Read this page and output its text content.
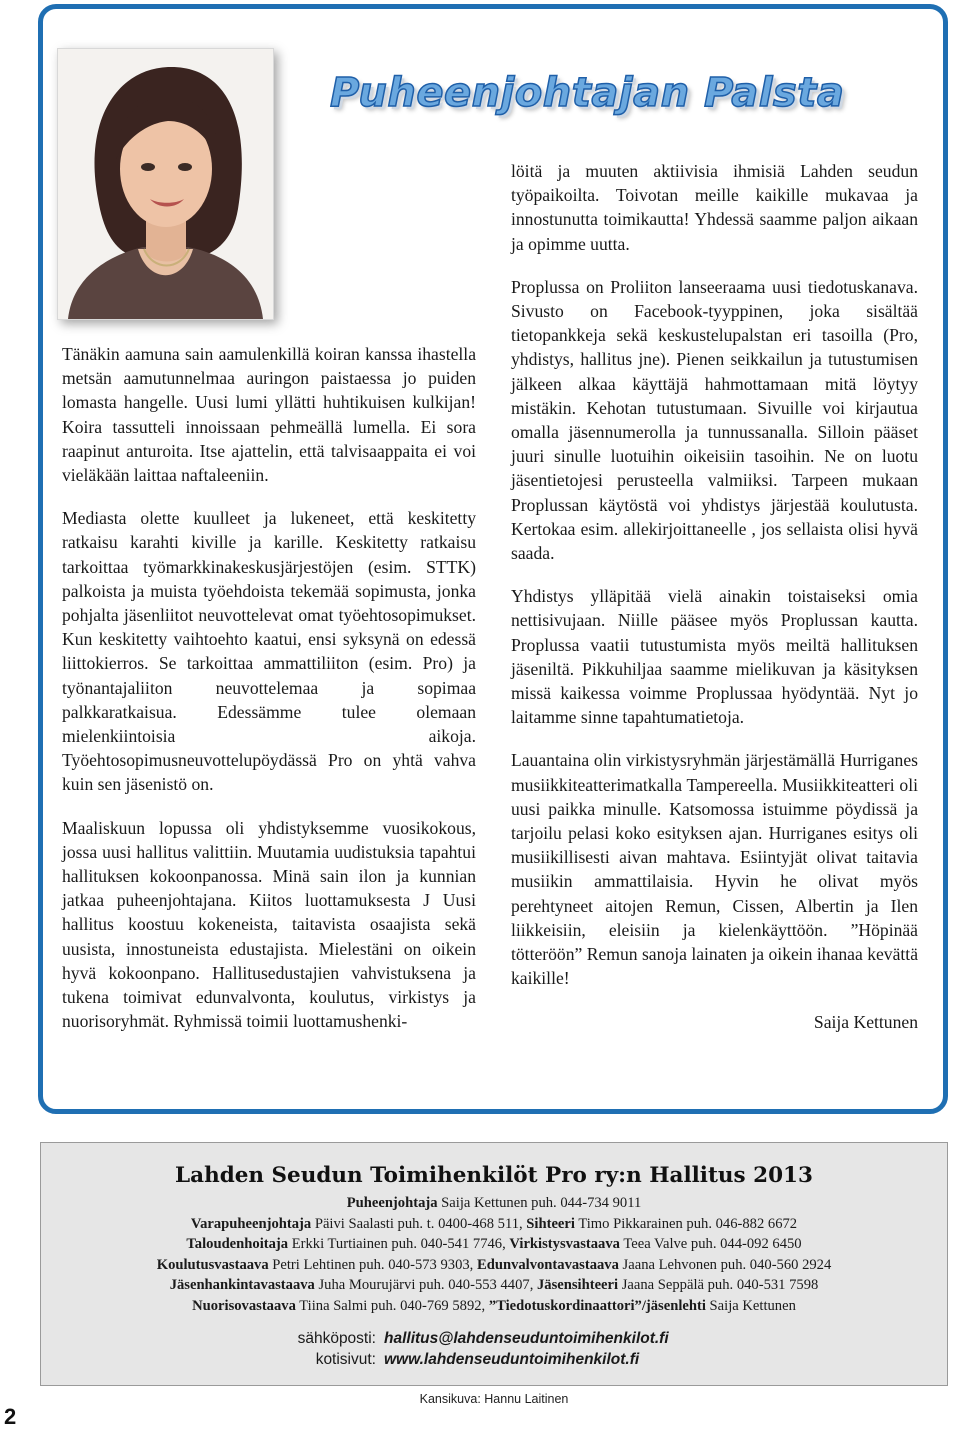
Puheenjohtajan Palsta

Tänäkin aamuna sain aamulenkillä koiran kanssa ihastella metsän aamutunnelmaa auringon paistaessa jo puiden lomasta hangelle. Uusi lumi yllätti huhtikuisen kulkijan! Koira tassutteli innoissaan pehmeällä lumella. Ei sora raapinut anturoita. Itse ajattelin, että talvisaappaita ei voi vieläkään laittaa naftaleeniin.

Mediasta olette kuulleet ja lukeneet, että keskitetty ratkaisu karahti kiville ja karille. Keskitetty ratkaisu tarkoittaa työmarkkinakeskusjärjestöjen (esim. STTK) palkoista ja muista työehdoista tekemää sopimusta, jonka pohjalta jäsenliitot neuvottelevat omat työehtosopimukset. Kun keskitetty vaihtoehto kaatui, ensi syksynä on edessä liittokierros. Se tarkoittaa ammattiliiton (esim. Pro) ja työnantajaliiton neuvottelemaa ja sopimaa palkkaratkaisua. Edessämme tulee olemaan mielenkiintoisia aikoja. Työehtosopimusneuvottelupöydässä Pro on yhtä vahva kuin sen jäsenistö on.

Maaliskuun lopussa oli yhdistyksemme vuosikokous, jossa uusi hallitus valittiin. Muutamia uudistuksia tapahtui hallituksen kokoonpanossa. Minä sain ilon ja kunnian jatkaa puheenjohtajana. Kiitos luottamuksesta J Uusi hallitus koostuu kokeneista, taitavista osaajista sekä uusista, innostuneista edustajista. Mielestäni on oikein hyvä kokoonpano. Hallitusedustajien vahvistuksena ja tukena toimivat edunvalvonta, koulutus, virkistys ja nuorisoryhmät. Ryhmissä toimii luottamushenki-

löitä ja muuten aktiivisia ihmisiä Lahden seudun työpaikoilta. Toivotan meille kaikille mukavaa ja innostunutta toimikautta! Yhdessä saamme paljon aikaan ja opimme uutta.

Proplussa on Proliiton lanseeraama uusi tiedotuskanava. Sivusto on Facebook-tyyppinen, joka sisältää tietopankkeja sekä keskustelupalstan eri tasoilla (Pro, yhdistys, hallitus jne). Pienen seikkailun ja tutustumisen jälkeen alkaa käyttäjä hahmottamaan mitä löytyy mistäkin. Kehotan tutustumaan. Sivuille voi kirjautua omalla jäsennumerolla ja tunnussanalla. Silloin pääset juuri sinulle luotuihin oikeisiin tasoihin. Ne on luotu jäsentietojesi perusteella valmiiksi. Tarpeen mukaan Proplussan käytöstä voi yhdistys järjestää koulutusta. Kertokaa esim. allekirjoittaneelle , jos sellaista olisi hyvä saada.

Yhdistys ylläpitää vielä ainakin toistaiseksi omia nettisivujaan. Niille pääsee myös Proplussan kautta. Proplussa vaatii tutustumista myös meiltä hallituksen jäseniltä. Pikkuhiljaa saamme mielikuvan ja käsityksen missä kaikessa voimme Proplussaa hyödyntää. Nyt jo laitamme sinne tapahtumatietoja.

Lauantaina olin virkistysryhmän järjestämällä Hurriganes musiikkiteatterimatkalla Tampereella. Musiikkiteatteri oli uusi paikka minulle. Katsomossa istuimme pöydissä ja tarjoilu pelasi koko esityksen ajan. Hurriganes esitys oli musiikillisesti aivan mahtava. Esiintyjät olivat taitavia musiikin ammattilaisia. Hyvin he olivat myös perehtyneet aitojen Remun, Cissen, Albertin ja Ilen liikkeisiin, eleisiin ja kielenkäyttöön. ”Höpinää tötteröön” Remun sanoja lainaten ja oikein ihanaa kevättä kaikille!

Saija Kettunen
Lahden Seudun Toimihenkilöt Pro ry:n Hallitus 2013

Puheenjohtaja Saija Kettunen puh. 044-734 9011

Varapuheenjohtaja Päivi Saalasti puh. t. 0400-468 511, Sihteeri Timo Pikkarainen puh. 046-882 6672

Taloudenhoitaja Erkki Turtiainen puh. 040-541 7746, Virkistysvastaava Teea Valve puh. 044-092 6450

Koulutusvastaava Petri Lehtinen puh. 040-573 9303, Edunvalvontavastaava Jaana Lehvonen puh. 040-560 2924

Jäsenhankintavastaava Juha Mourujärvi puh. 040-553 4407, Jäsensihteeri Jaana Seppälä puh. 040-531 7598

Nuorisovastaava Tiina Salmi puh. 040-769 5892, ”Tiedotuskordinaattori”/jäsenlehti Saija Kettunen

sähköposti: hallitus@lahdenseuduntoimihenkilot.fi
kotisivut: www.lahdenseuduntoimihenkilot.fi
Kansikuva: Hannu Laitinen
2
